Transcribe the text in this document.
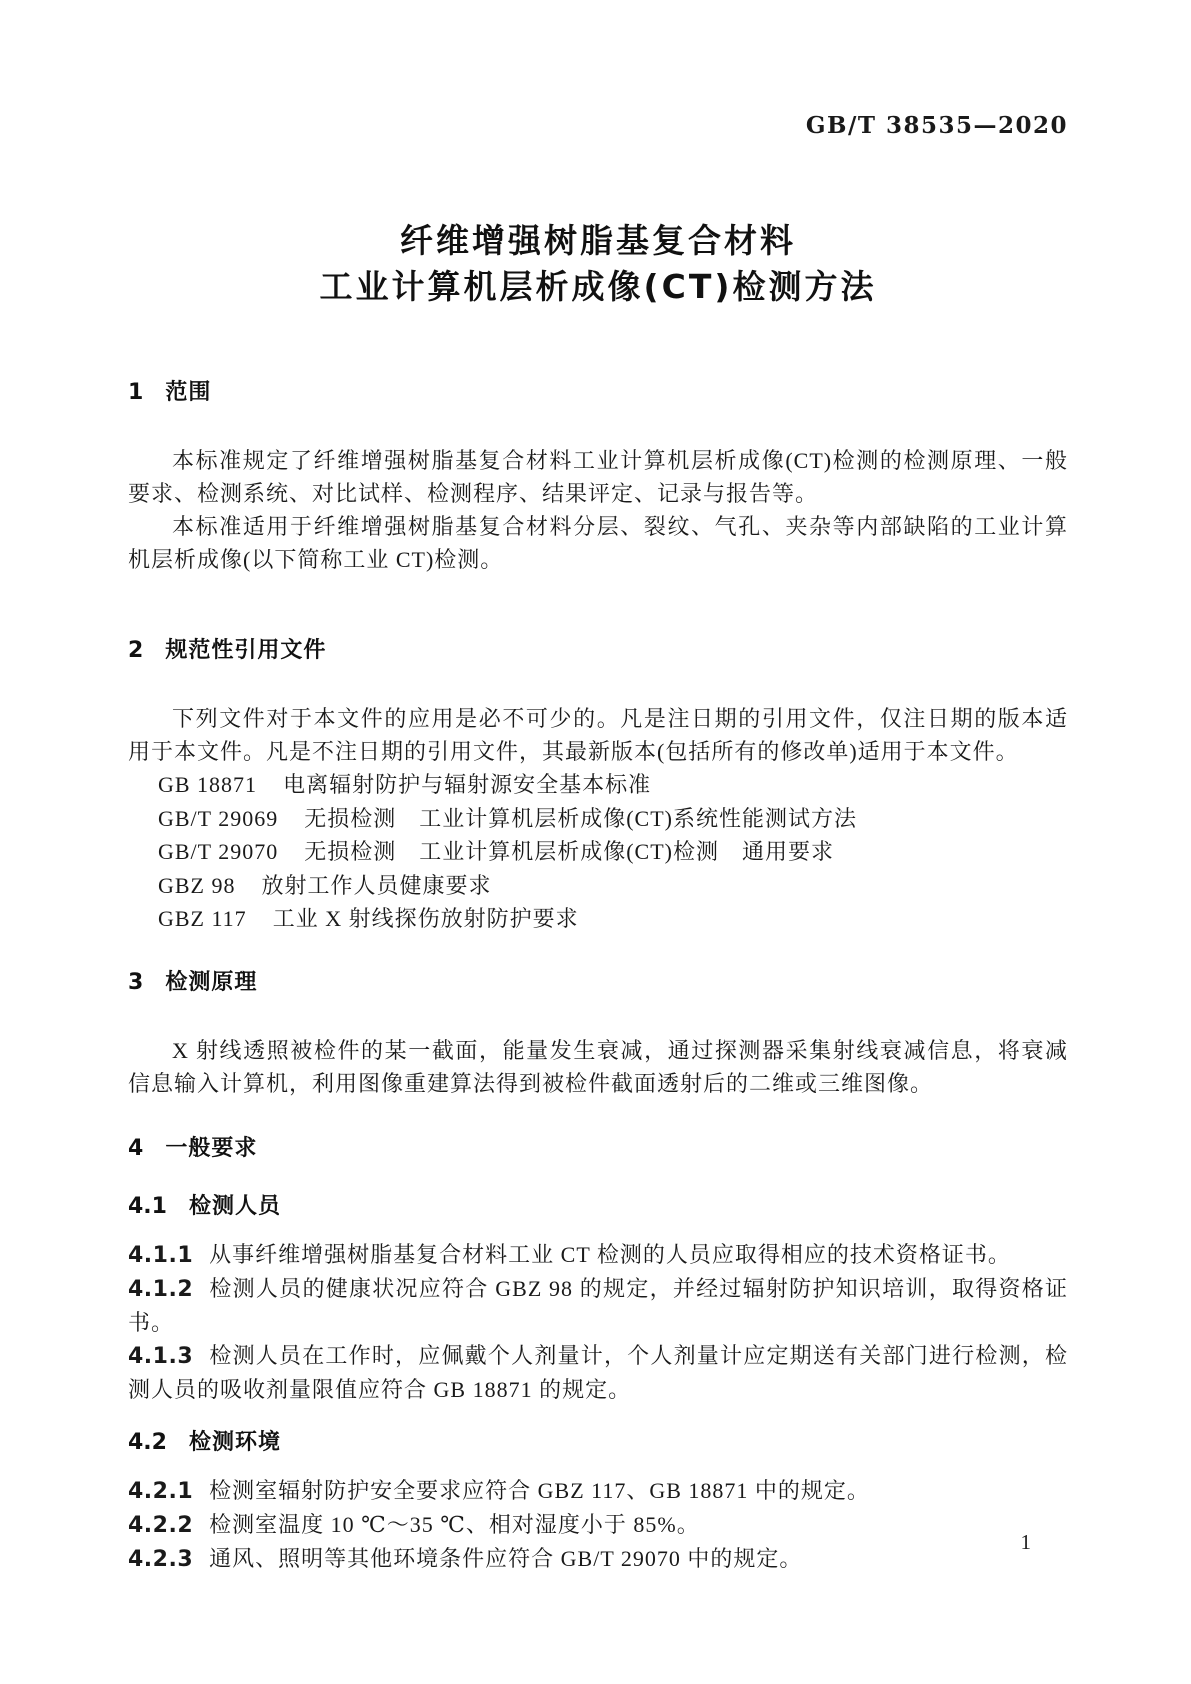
GB/T 38535—2020
纤维增强树脂基复合材料
工业计算机层析成像(CT)检测方法
1 范围

本标准规定了纤维增强树脂基复合材料工业计算机层析成像(CT)检测的检测原理、一般要求、检测系统、对比试样、检测程序、结果评定、记录与报告等。

本标准适用于纤维增强树脂基复合材料分层、裂纹、气孔、夹杂等内部缺陷的工业计算机层析成像(以下简称工业 CT)检测。

2 规范性引用文件

下列文件对于本文件的应用是必不可少的。凡是注日期的引用文件，仅注日期的版本适用于本文件。凡是不注日期的引用文件，其最新版本(包括所有的修改单)适用于本文件。

GB 18871 电离辐射防护与辐射源安全基本标准
GB/T 29069 无损检测　工业计算机层析成像(CT)系统性能测试方法
GB/T 29070 无损检测　工业计算机层析成像(CT)检测　通用要求
GBZ 98 放射工作人员健康要求
GBZ 117 工业 X 射线探伤放射防护要求
3 检测原理

X 射线透照被检件的某一截面，能量发生衰减，通过探测器采集射线衰减信息，将衰减信息输入计算机，利用图像重建算法得到被检件截面透射后的二维或三维图像。

4 一般要求
4.1 检测人员

4.1.1 从事纤维增强树脂基复合材料工业 CT 检测的人员应取得相应的技术资格证书。

4.1.2 检测人员的健康状况应符合 GBZ 98 的规定，并经过辐射防护知识培训，取得资格证书。

4.1.3 检测人员在工作时，应佩戴个人剂量计，个人剂量计应定期送有关部门进行检测，检测人员的吸收剂量限值应符合 GB 18871 的规定。

4.2 检测环境

4.2.1 检测室辐射防护安全要求应符合 GBZ 117、GB 18871 中的规定。

4.2.2 检测室温度 10 ℃～35 ℃、相对湿度小于 85%。

4.2.3 通风、照明等其他环境条件应符合 GB/T 29070 中的规定。

1
